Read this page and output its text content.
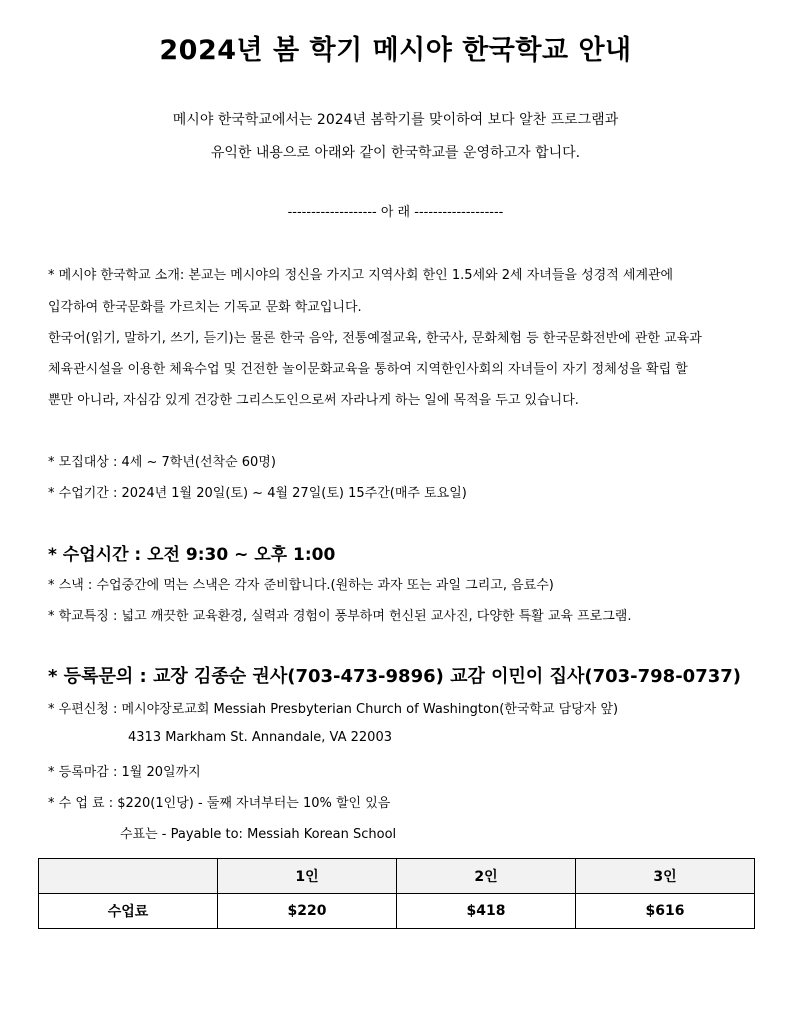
2024년 봄 학기 메시야 한국학교 안내
메시야 한국학교에서는 2024년 봄학기를 맞이하여 보다 알찬 프로그램과
유익한 내용으로 아래와 같이 한국학교를 운영하고자 합니다.
------------------- 아 래 -------------------
* 메시야 한국학교 소개: 본교는 메시야의 정신을 가지고 지역사회 한인 1.5세와 2세 자녀들을 성경적 세계관에
입각하여 한국문화를 가르치는 기독교 문화 학교입니다.
한국어(읽기, 말하기, 쓰기, 듣기)는 물론 한국 음악, 전통예절교육, 한국사, 문화체험 등 한국문화전반에 관한 교육과
체육관시설을 이용한 체육수업 및 건전한 놀이문화교육을 통하여 지역한인사회의 자녀들이 자기 정체성을 확립 할
뿐만 아니라, 자심감 있게 건강한 그리스도인으로써 자라나게 하는 일에 목적을 두고 있습니다.
* 모집대상 : 4세 ~ 7학년(선착순 60명)
* 수업기간 : 2024년 1월 20일(토) ~ 4월 27일(토) 15주간(매주 토요일)
* 수업시간 : 오전 9:30 ~ 오후 1:00
* 스낵 : 수업중간에 먹는 스낵은 각자 준비합니다.(원하는 과자 또는 과일 그리고, 음료수)
* 학교특징 : 넓고 깨끗한 교육환경, 실력과 경험이 풍부하며 헌신된 교사진, 다양한 특활 교육 프로그램.
* 등록문의 : 교장 김종순 권사(703-473-9896) 교감 이민이 집사(703-798-0737)
* 우편신청 : 메시야장로교회 Messiah Presbyterian Church of Washington(한국학교 담당자 앞)
4313 Markham St. Annandale, VA 22003
* 등록마감 : 1월 20일까지
* 수 업 료 : $220(1인당) - 둘째 자녀부터는 10% 할인 있음
수표는 - Payable to: Messiah Korean School
	1인	2인	3인
수업료	$220	$418	$616
